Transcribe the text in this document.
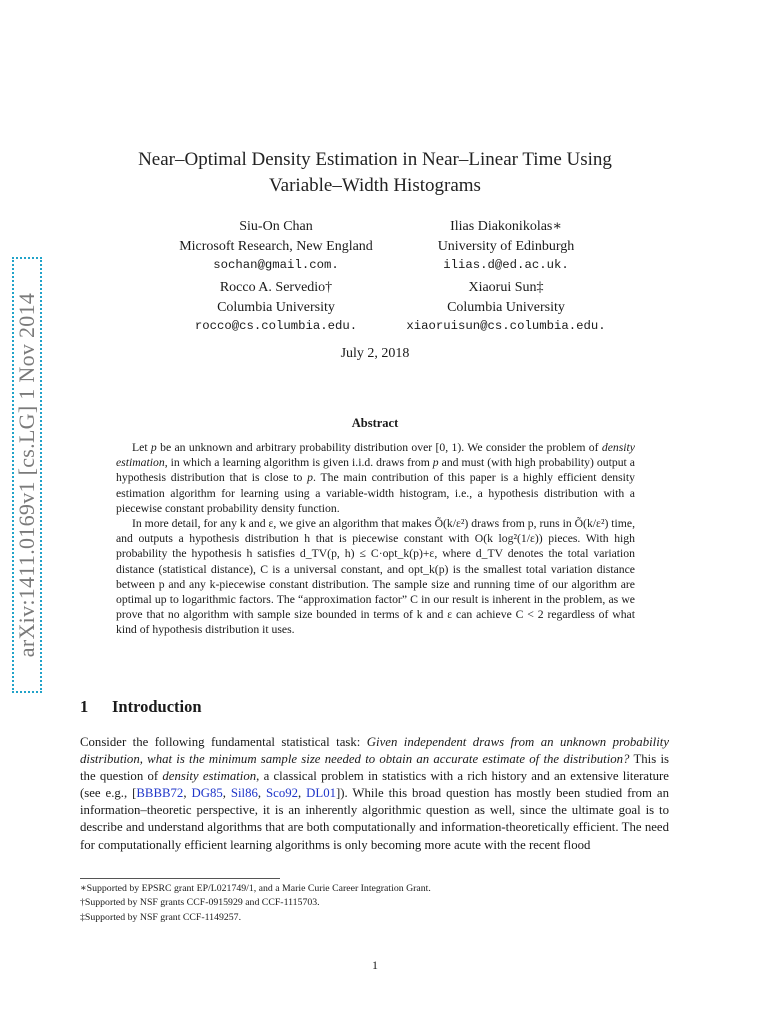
arXiv:1411.0169v1 [cs.LG] 1 Nov 2014
Near–Optimal Density Estimation in Near–Linear Time Using
Variable–Width Histograms
Siu-On Chan
Microsoft Research, New England
sochan@gmail.com.
Ilias Diakonikolas∗
University of Edinburgh
ilias.d@ed.ac.uk.
Rocco A. Servedio†
Columbia University
rocco@cs.columbia.edu.
Xiaorui Sun‡
Columbia University
xiaoruisun@cs.columbia.edu.
July 2, 2018
Abstract

Let p be an unknown and arbitrary probability distribution over [0, 1). We consider the problem of density estimation, in which a learning algorithm is given i.i.d. draws from p and must (with high probability) output a hypothesis distribution that is close to p. The main contribution of this paper is a highly efficient density estimation algorithm for learning using a variable-width histogram, i.e., a hypothesis distribution with a piecewise constant probability density function.

In more detail, for any k and ε, we give an algorithm that makes Õ(k/ε²) draws from p, runs in Õ(k/ε²) time, and outputs a hypothesis distribution h that is piecewise constant with O(k log²(1/ε)) pieces. With high probability the hypothesis h satisfies d_TV(p, h) ≤ C·opt_k(p)+ε, where d_TV denotes the total variation distance (statistical distance), C is a universal constant, and opt_k(p) is the smallest total variation distance between p and any k-piecewise constant distribution. The sample size and running time of our algorithm are optimal up to logarithmic factors. The “approximation factor” C in our result is inherent in the problem, as we prove that no algorithm with sample size bounded in terms of k and ε can achieve C < 2 regardless of what kind of hypothesis distribution it uses.

1 Introduction

Consider the following fundamental statistical task: Given independent draws from an unknown probability distribution, what is the minimum sample size needed to obtain an accurate estimate of the distribution? This is the question of density estimation, a classical problem in statistics with a rich history and an extensive literature (see e.g., [BBBB72, DG85, Sil86, Sco92, DL01]). While this broad question has mostly been studied from an information–theoretic perspective, it is an inherently algorithmic question as well, since the ultimate goal is to describe and understand algorithms that are both computationally and information-theoretically efficient. The need for computationally efficient learning algorithms is only becoming more acute with the recent flood

∗Supported by EPSRC grant EP/L021749/1, and a Marie Curie Career Integration Grant.
†Supported by NSF grants CCF-0915929 and CCF-1115703.
‡Supported by NSF grant CCF-1149257.
1
